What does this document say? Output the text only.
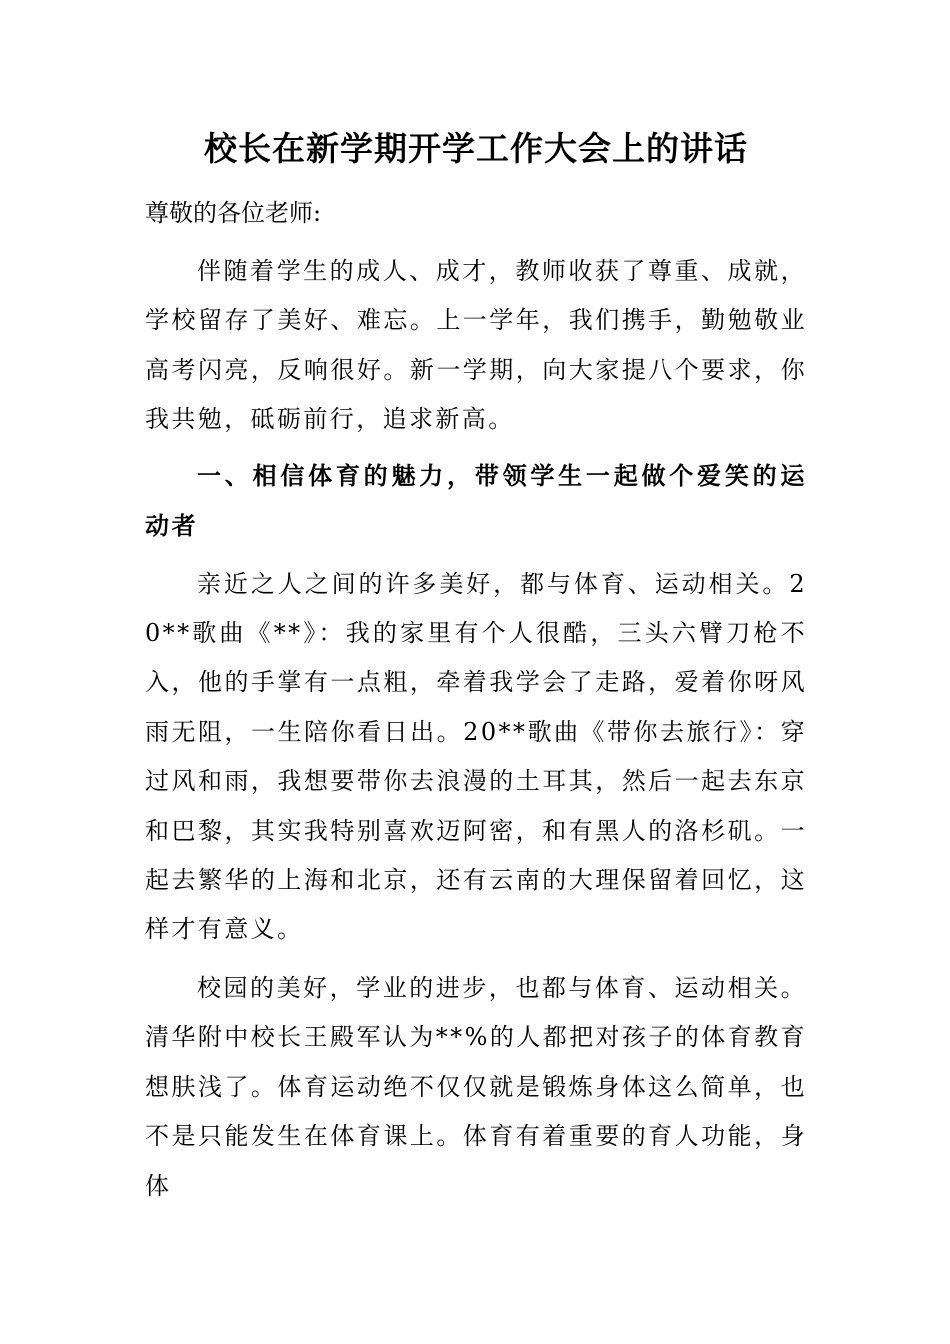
校长在新学期开学工作大会上的讲话

尊敬的各位老师:

伴随着学生的成人、成才，教师收获了尊重、成就，学校留存了美好、难忘。上一学年，我们携手，勤勉敬业高考闪亮，反响很好。新一学期，向大家提八个要求，你我共勉，砥砺前行，追求新高。

一、相信体育的魅力，带领学生一起做个爱笑的运动者

亲近之人之间的许多美好，都与体育、运动相关。20**歌曲《**》：我的家里有个人很酷，三头六臂刀枪不入，他的手掌有一点粗，牵着我学会了走路，爱着你呀风雨无阻，一生陪你看日出。20**歌曲《带你去旅行》：穿过风和雨，我想要带你去浪漫的土耳其，然后一起去东京和巴黎，其实我特别喜欢迈阿密，和有黑人的洛杉矶。一起去繁华的上海和北京，还有云南的大理保留着回忆，这样才有意义。

校园的美好，学业的进步，也都与体育、运动相关。清华附中校长王殿军认为**%的人都把对孩子的体育教育想肤浅了。体育运动绝不仅仅就是锻炼身体这么简单，也不是只能发生在体育课上。体育有着重要的育人功能，身体
